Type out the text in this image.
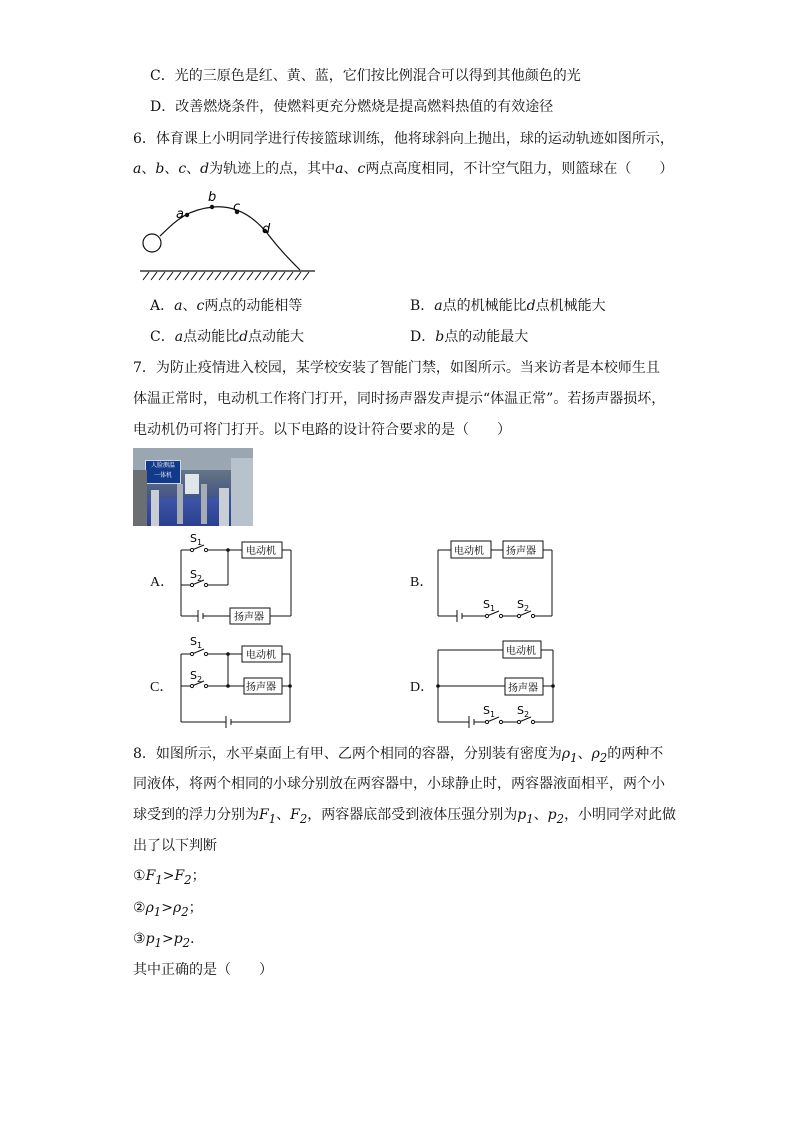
C．光的三原色是红、黄、蓝，它们按比例混合可以得到其他颜色的光
D．改善燃烧条件，使燃料更充分燃烧是提高燃料热值的有效途径
6．体育课上小明同学进行传接篮球训练，他将球斜向上抛出，球的运动轨迹如图所示，
a、b、c、d为轨迹上的点，其中a、c两点高度相同，不计空气阻力，则篮球在（　　）
a
b
c
d
A．a、c两点的动能相等	B．a点的机械能比d点机械能大
C．a点动能比d点动能大	D．b点的动能最大
7．为防止疫情进入校园，某学校安装了智能门禁，如图所示。当来访者是本校师生且
体温正常时，电动机工作将门打开，同时扬声器发声提示“体温正常”。若扬声器损坏，
电动机仍可将门打开。以下电路的设计符合要求的是（　　）
人脸测温
一体机
A．
$S_1$
$S_2$
电动机
扬声器
B．
电动机 扬声器
$S_1$ $S_2$
C．
$S_1$
$S_2$
电动机
扬声器	D．
电动机
扬声器
$S_1$ $S_2$
8．如图所示，水平桌面上有甲、乙两个相同的容器，分别装有密度为$\rho_1$、$\rho_2$的两种不
同液体，将两个相同的小球分别放在两容器中，小球静止时，两容器液面相平，两个小
球受到的浮力分别为$F_1$、$F_2$，两容器底部受到液体压强分别为$p_1$、$p_2$，小明同学对此做
出了以下判断
$①F_1>F_2$；
$②\rho_1>\rho_2$；
$③p_1>p_2$．
其中正确的是（　　）
